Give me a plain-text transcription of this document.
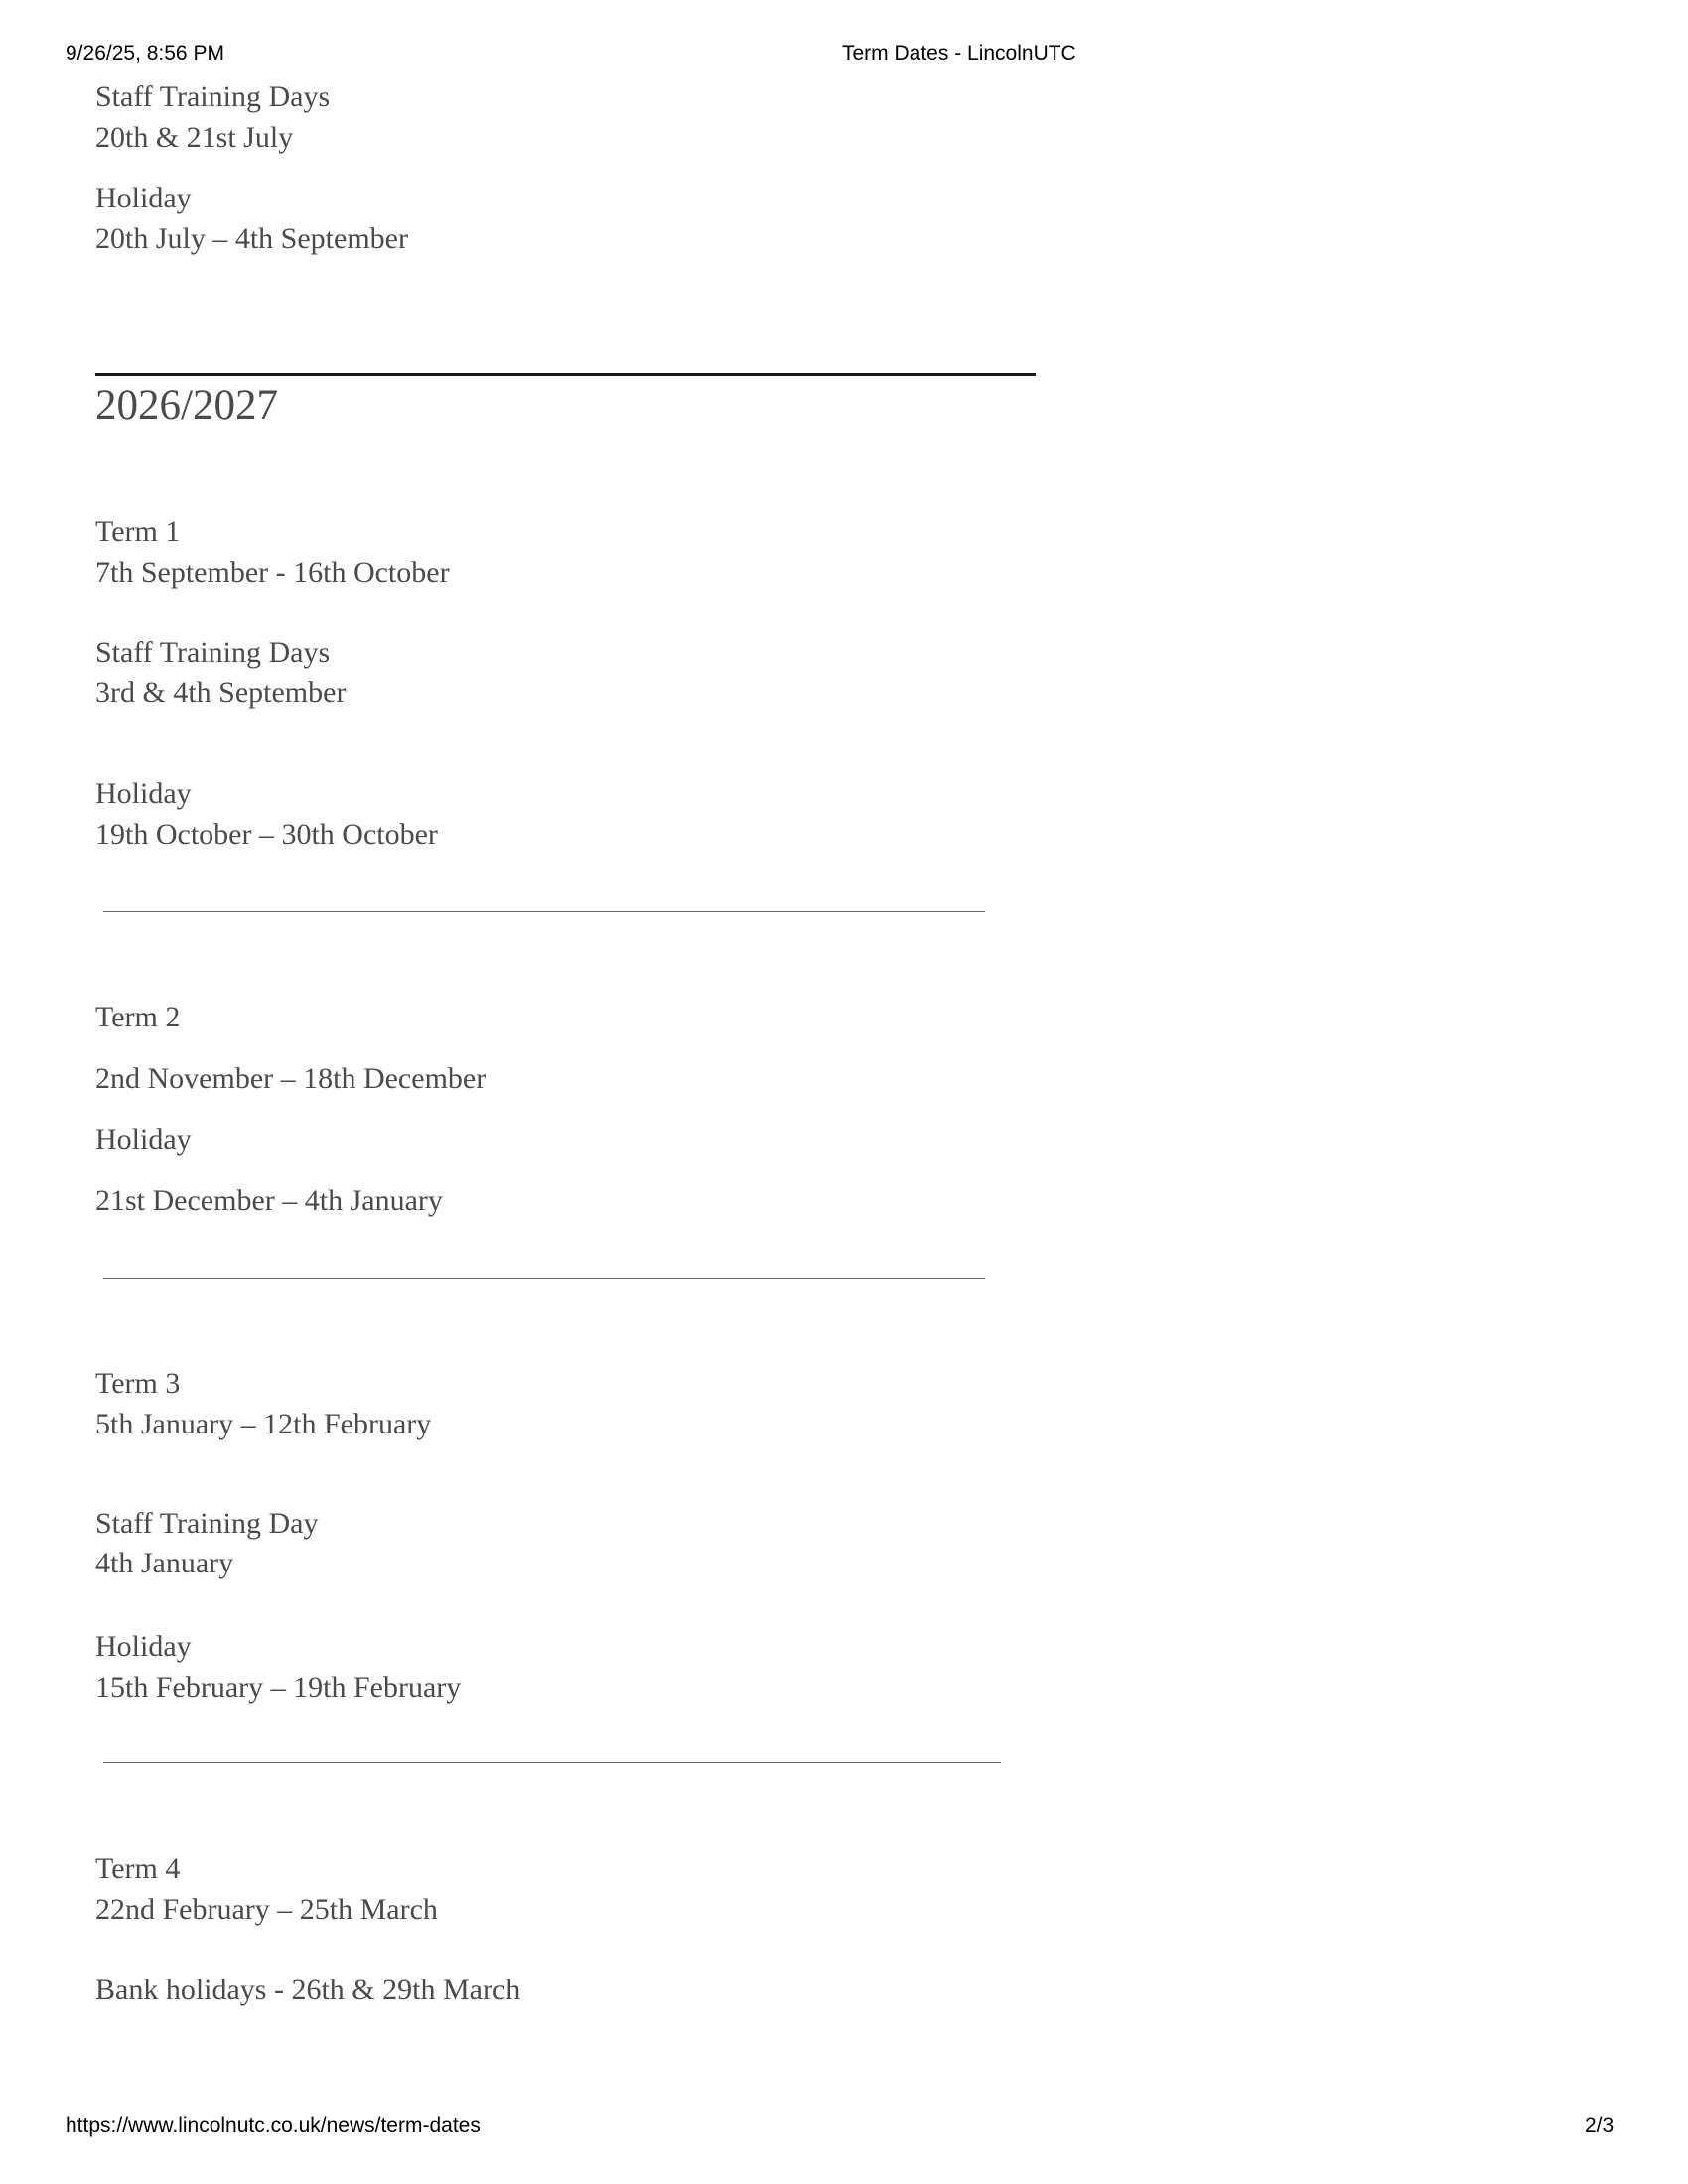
9/26/25, 8:56 PM	Term Dates - LincolnUTC
Staff Training Days
20th & 21st July
Holiday
20th July – 4th September
2026/2027
Term 1
7th September - 16th October
Staff Training Days
3rd & 4th September
Holiday
19th October – 30th October
Term 2
2nd November – 18th December
Holiday
21st December – 4th January
Term 3
5th January – 12th February
Staff Training Day
4th January
Holiday
15th February – 19th February
Term 4
22nd February – 25th March
Bank holidays - 26th & 29th March
https://www.lincolnutc.co.uk/news/term-dates	2/3
